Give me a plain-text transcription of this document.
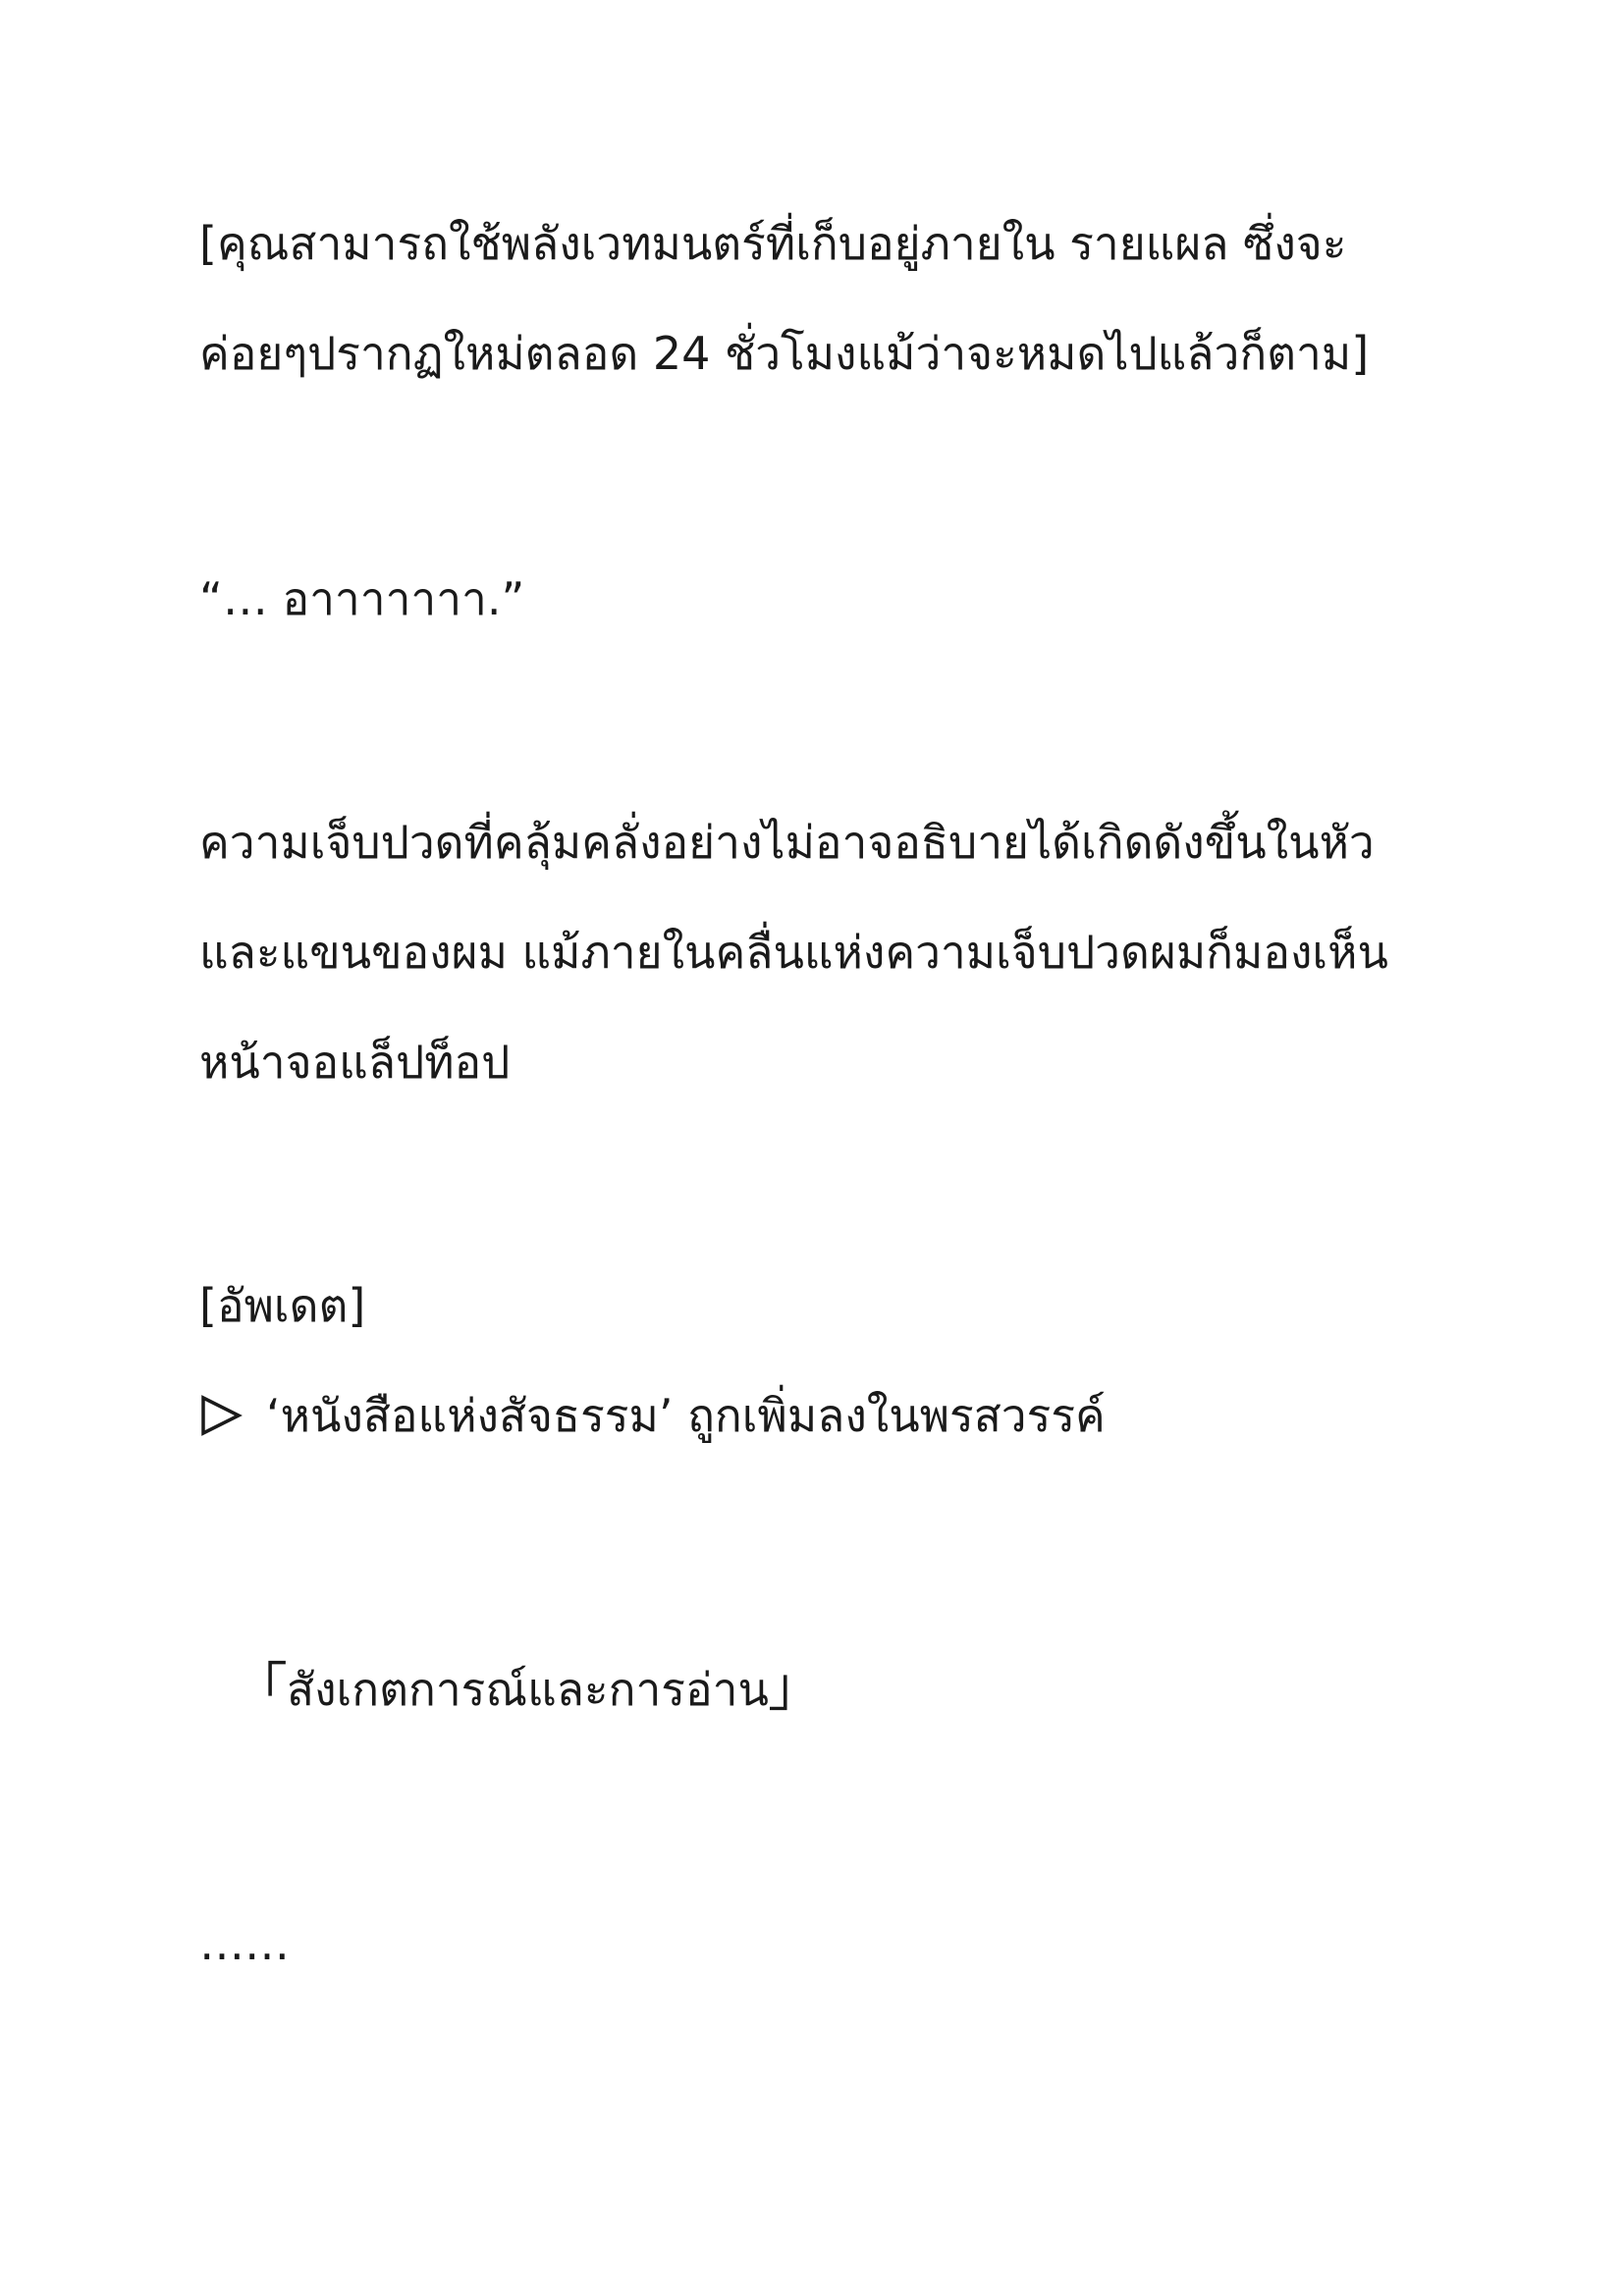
[คุณสามารถใช้พลังเวทมนตร์ที่เก็บอยู่ภายใน รายแผล ซึ่งจะ
ค่อยๆปรากฏใหม่ตลอด 24 ชั่วโมงแม้ว่าจะหมดไปแล้วก็ตาม]
“… อาาาาาาา.”
ความเจ็บปวดที่คลุ้มคลั่งอย่างไม่อาจอธิบายได้เกิดดังขึ้นในหัว
และแขนของผม แม้ภายในคลื่นแห่งความเจ็บปวดผมก็มองเห็น
หน้าจอแล็ปท็อป
[อัพเดต]
‘หนังสือแห่งสัจธรรม’ ถูกเพิ่มลงในพรสวรรค์
「สังเกตการณ์และการอ่าน」
……
